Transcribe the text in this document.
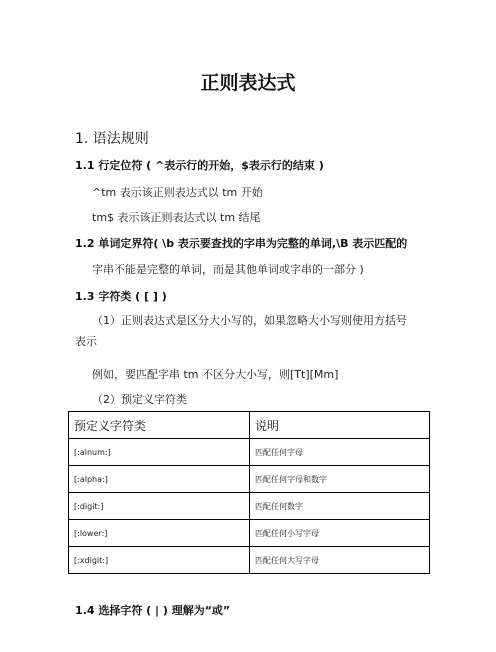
正则表达式
1. 语法规则
1.1 行定位符 ( ^表示行的开始，$表示行的结束 )
^tm 表示该正则表达式以 tm 开始
tm$ 表示该正则表达式以 tm 结尾
1.2 单词定界符( \b 表示要查找的字串为完整的单词,\B 表示匹配的
字串不能是完整的单词，而是其他单词或字串的一部分 )
1.3 字符类 ( [ ] )
（1）正则表达式是区分大小写的，如果忽略大小写则使用方括号表示
例如，要匹配字串 tm 不区分大小写，则[Tt][Mm]
（2）预定义字符类
预定义字符类	说明
[:alnum:]	匹配任何字母
[:alpha:]	匹配任何字母和数字
[:digit:]	匹配任何数字
[:lower:]	匹配任何小写字母
[:xdigit:]	匹配任何大写字母
1.4 选择字符 ( | ) 理解为“或”
